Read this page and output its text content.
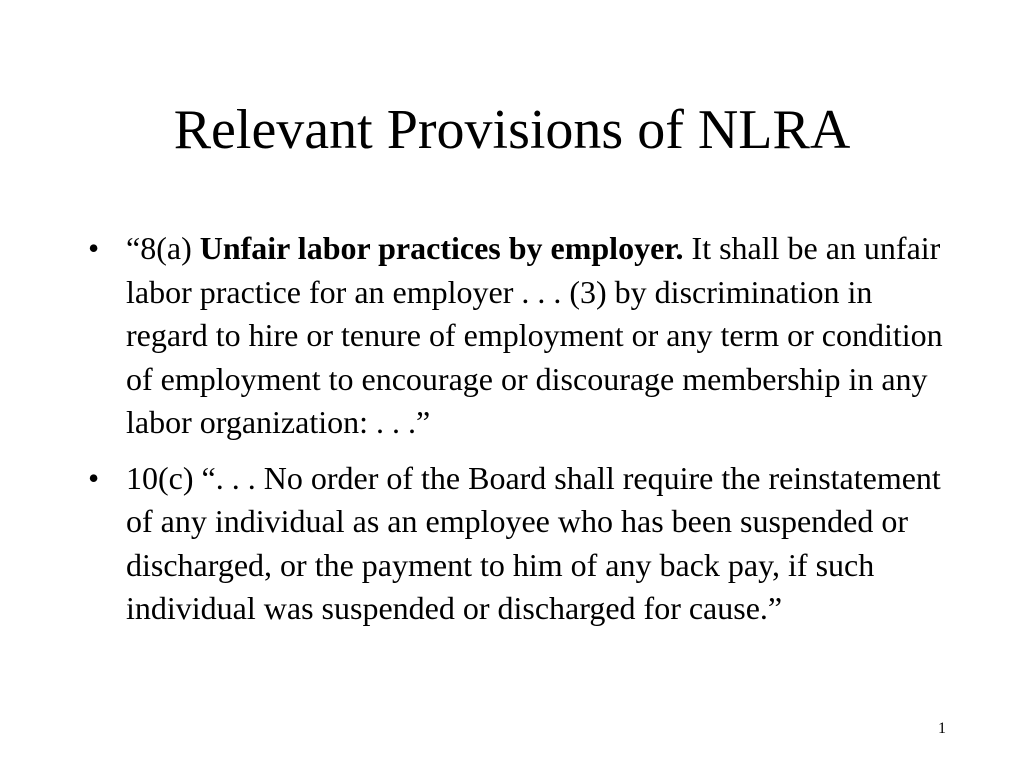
Relevant Provisions of NLRA
• “8(a) Unfair labor practices by employer. It shall be an unfair labor practice for an employer . . . (3) by discrimination in regard to hire or tenure of employment or any term or condition of employment to encourage or discourage membership in any labor organization: . . .”
• 10(c) “. . . No order of the Board shall require the reinstatement of any individual as an employee who has been suspended or discharged, or the payment to him of any back pay, if such individual was suspended or discharged for cause.”
1
